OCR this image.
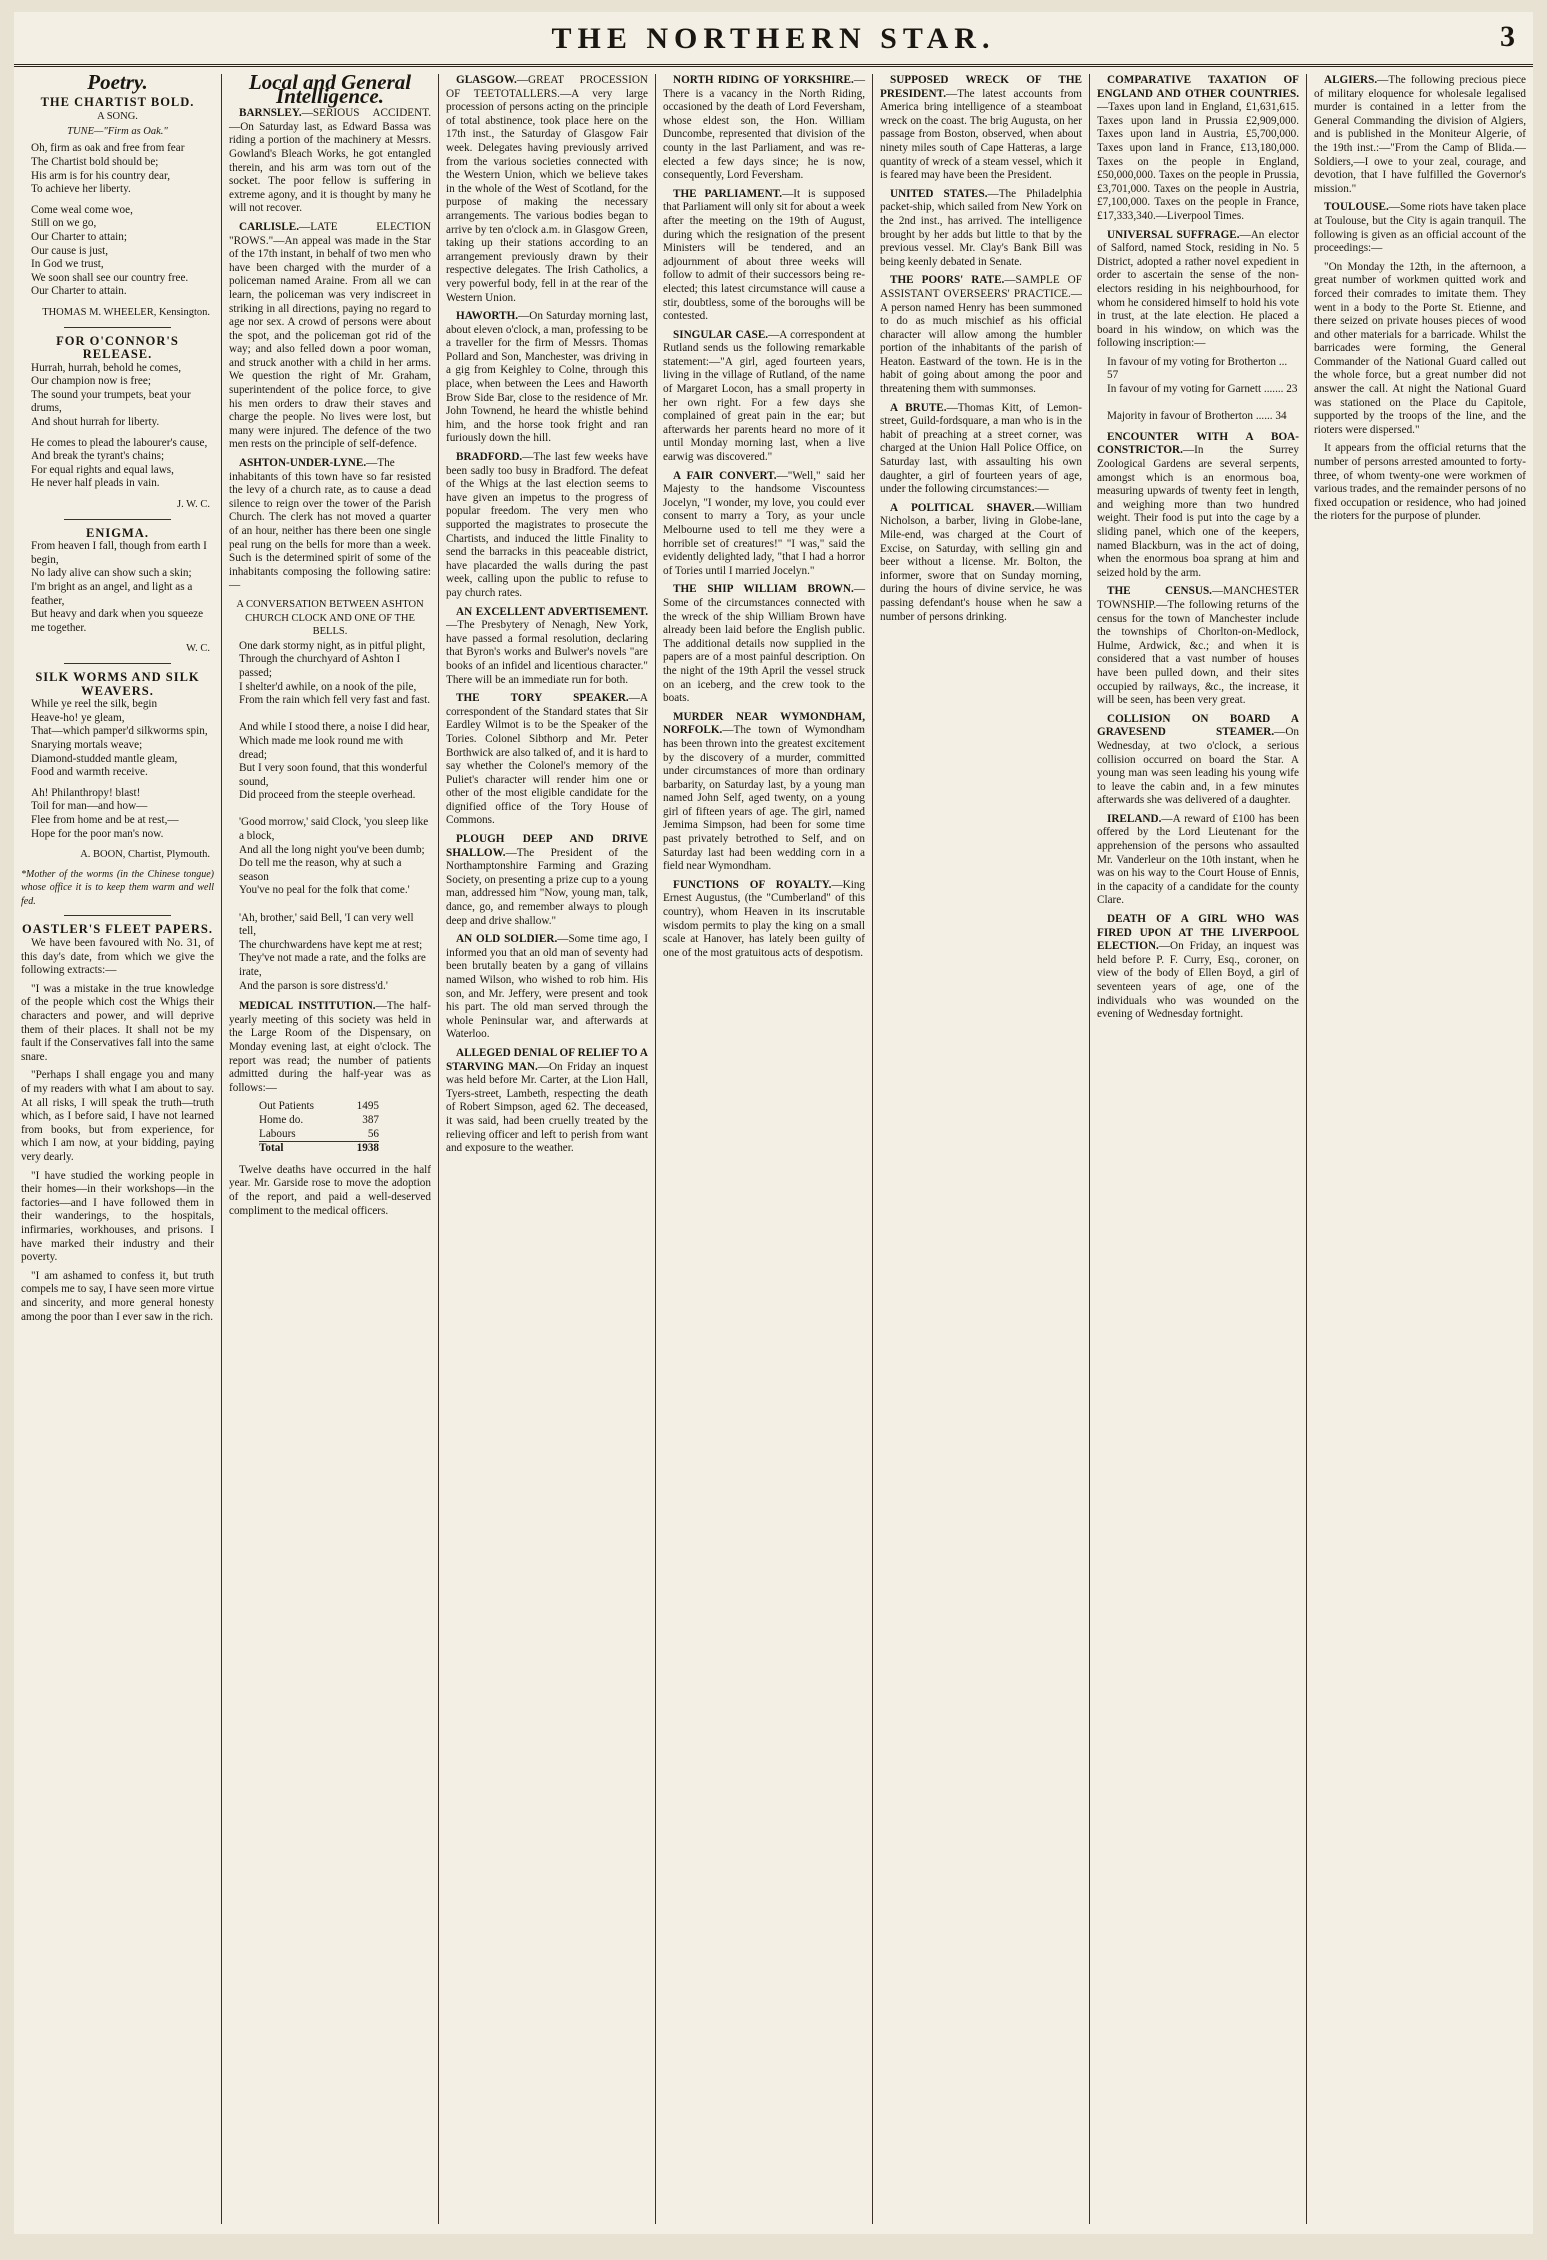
THE NORTHERN STAR.	3
Poetry.
THE CHARTIST BOLD.
A SONG.
TUNE—"Firm as Oak."
Oh, firm as oak and free from fear
The Chartist bold should be;
His arm is for his country dear,
To achieve her liberty.
Come weal come woe,
Still on we go,
Our Charter to attain;
Our cause is just,
In God we trust,
We soon shall see our country free.
Our Charter to attain.
THOMAS M. WHEELER, Kensington.
FOR O'CONNOR'S RELEASE.
Hurrah, hurrah, behold he comes,
Our champion now is free;
The sound your trumpets, beat your drums,
And shout hurrah for liberty.
He comes to plead the labourer's cause,
And break the tyrant's chains;
For equal rights and equal laws,
He never half pleads in vain.
J. W. C.
ENIGMA.
From heaven I fall, though from earth I begin,
No lady alive can show such a skin;
I'm bright as an angel, and light as a feather,
But heavy and dark when you squeeze me together.
W. C.
SILK WORMS AND SILK WEAVERS.
While ye reel the silk, begin
Heave-ho! ye gleam,
That—which pamper'd silkworms spin,
Snarying mortals weave;
Diamond-studded mantle gleam,
Food and warmth receive.
Ah! Philanthropy! blast!
Toil for man—and how—
Flee from home and be at rest,—
Hope for the poor man's now.
A. BOON, Chartist, Plymouth.
*Mother of the worms (in the Chinese tongue) whose office it is to keep them warm and well fed.
OASTLER'S FLEET PAPERS.
We have been favoured with No. 31, of this day's date, from which we give the following extracts:—
"I was a mistake in the true knowledge of the people which cost the Whigs their characters and power, and will deprive them of their places. It shall not be my fault if the Conservatives fall into the same snare.
"Perhaps I shall engage you and many of my readers with what I am about to say. At all risks, I will speak the truth—truth which, as I before said, I have not learned from books, but from experience, for which I am now, at your bidding, paying very dearly.
"I have studied the working people in their homes—in their workshops—in the factories—and I have followed them in their wanderings, to the hospitals, infirmaries, workhouses, and prisons. I have marked their industry and their poverty.
"I am ashamed to confess it, but truth compels me to say, I have seen more virtue and sincerity, and more general honesty among the poor than I ever saw in the rich.
Local and General Intelligence.
BARNSLEY.—SERIOUS ACCIDENT.—On Saturday last, as Edward Bassa was riding a portion of the machinery at Messrs. Gowland's Bleach Works, he got entangled therein, and his arm was torn out of the socket. The poor fellow is suffering in extreme agony, and it is thought by many he will not recover.
CARLISLE.—LATE ELECTION "ROWS."—An appeal was made in the Star of the 17th instant, in behalf of two men who have been charged with the murder of a policeman named Araine. From all we can learn, the policeman was very indiscreet in striking in all directions, paying no regard to age nor sex. A crowd of persons were about the spot, and the policeman got rid of the way; and also felled down a poor woman, and struck another with a child in her arms. We question the right of Mr. Graham, superintendent of the police force, to give his men orders to draw their staves and charge the people. No lives were lost, but many were injured. The defence of the two men rests on the principle of self-defence.
ASHTON-UNDER-LYNE.—The inhabitants of this town have so far resisted the levy of a church rate, as to cause a dead silence to reign over the tower of the Parish Church. The clerk has not moved a quarter of an hour, neither has there been one single peal rung on the bells for more than a week. Such is the determined spirit of some of the inhabitants composing the following satire:—
A CONVERSATION BETWEEN ASHTON CHURCH CLOCK AND ONE OF THE BELLS.
One dark stormy night, as in pitful plight,
Through the churchyard of Ashton I passed;
I shelter'd awhile, on a nook of the pile,
From the rain which fell very fast and fast.

And while I stood there, a noise I did hear,
Which made me look round me with dread;
But I very soon found, that this wonderful sound,
Did proceed from the steeple overhead.

'Good morrow,' said Clock, 'you sleep like a block,
And all the long night you've been dumb;
Do tell me the reason, why at such a season
You've no peal for the folk that come.'

'Ah, brother,' said Bell, 'I can very well tell,
The churchwardens have kept me at rest;
They've not made a rate, and the folks are irate,
And the parson is sore distress'd.'
MEDICAL INSTITUTION.—The half-yearly meeting of this society was held in the Large Room of the Dispensary, on Monday evening last, at eight o'clock. The report was read; the number of patients admitted during the half-year was as follows:—
Out Patients	1495
Home do.	387
Labours	56
Total	1938
Twelve deaths have occurred in the half year. Mr. Garside rose to move the adoption of the report, and paid a well-deserved compliment to the medical officers.
GLASGOW.—GREAT PROCESSION OF TEETOTALLERS.—A very large procession of persons acting on the principle of total abstinence, took place here on the 17th inst., the Saturday of Glasgow Fair week. Delegates having previously arrived from the various societies connected with the Western Union, which we believe takes in the whole of the West of Scotland, for the purpose of making the necessary arrangements. The various bodies began to arrive by ten o'clock a.m. in Glasgow Green, taking up their stations according to an arrangement previously drawn by their respective delegates. The Irish Catholics, a very powerful body, fell in at the rear of the Western Union.
HAWORTH.—On Saturday morning last, about eleven o'clock, a man, professing to be a traveller for the firm of Messrs. Thomas Pollard and Son, Manchester, was driving in a gig from Keighley to Colne, through this place, when between the Lees and Haworth Brow Side Bar, close to the residence of Mr. John Townend, he heard the whistle behind him, and the horse took fright and ran furiously down the hill.
BRADFORD.—The last few weeks have been sadly too busy in Bradford. The defeat of the Whigs at the last election seems to have given an impetus to the progress of popular freedom. The very men who supported the magistrates to prosecute the Chartists, and induced the little Finality to send the barracks in this peaceable district, have placarded the walls during the past week, calling upon the public to refuse to pay church rates.
AN EXCELLENT ADVERTISEMENT.—The Presbytery of Nenagh, New York, have passed a formal resolution, declaring that Byron's works and Bulwer's novels "are books of an infidel and licentious character." There will be an immediate run for both.
THE TORY SPEAKER.—A correspondent of the Standard states that Sir Eardley Wilmot is to be the Speaker of the Tories. Colonel Sibthorp and Mr. Peter Borthwick are also talked of, and it is hard to say whether the Colonel's memory of the Puliet's character will render him one or other of the most eligible candidate for the dignified office of the Tory House of Commons.
PLOUGH DEEP AND DRIVE SHALLOW.—The President of the Northamptonshire Farming and Grazing Society, on presenting a prize cup to a young man, addressed him "Now, young man, talk, dance, go, and remember always to plough deep and drive shallow."
AN OLD SOLDIER.—Some time ago, I informed you that an old man of seventy had been brutally beaten by a gang of villains named Wilson, who wished to rob him. His son, and Mr. Jeffery, were present and took his part. The old man served through the whole Peninsular war, and afterwards at Waterloo.
ALLEGED DENIAL OF RELIEF TO A STARVING MAN.—On Friday an inquest was held before Mr. Carter, at the Lion Hall, Tyers-street, Lambeth, respecting the death of Robert Simpson, aged 62. The deceased, it was said, had been cruelly treated by the relieving officer and left to perish from want and exposure to the weather.
NORTH RIDING OF YORKSHIRE.—There is a vacancy in the North Riding, occasioned by the death of Lord Feversham, whose eldest son, the Hon. William Duncombe, represented that division of the county in the last Parliament, and was re-elected a few days since; he is now, consequently, Lord Feversham.
THE PARLIAMENT.—It is supposed that Parliament will only sit for about a week after the meeting on the 19th of August, during which the resignation of the present Ministers will be tendered, and an adjournment of about three weeks will follow to admit of their successors being re-elected; this latest circumstance will cause a stir, doubtless, some of the boroughs will be contested.
SINGULAR CASE.—A correspondent at Rutland sends us the following remarkable statement:—"A girl, aged fourteen years, living in the village of Rutland, of the name of Margaret Locon, has a small property in her own right. For a few days she complained of great pain in the ear; but afterwards her parents heard no more of it until Monday morning last, when a live earwig was discovered."
A FAIR CONVERT.—"Well," said her Majesty to the handsome Viscountess Jocelyn, "I wonder, my love, you could ever consent to marry a Tory, as your uncle Melbourne used to tell me they were a horrible set of creatures!" "I was," said the evidently delighted lady, "that I had a horror of Tories until I married Jocelyn."
THE SHIP WILLIAM BROWN.—Some of the circumstances connected with the wreck of the ship William Brown have already been laid before the English public. The additional details now supplied in the papers are of a most painful description. On the night of the 19th April the vessel struck on an iceberg, and the crew took to the boats.
MURDER NEAR WYMONDHAM, NORFOLK.—The town of Wymondham has been thrown into the greatest excitement by the discovery of a murder, committed under circumstances of more than ordinary barbarity, on Saturday last, by a young man named John Self, aged twenty, on a young girl of fifteen years of age. The girl, named Jemima Simpson, had been for some time past privately betrothed to Self, and on Saturday last had been wedding corn in a field near Wymondham.
FUNCTIONS OF ROYALTY.—King Ernest Augustus, (the "Cumberland" of this country), whom Heaven in its inscrutable wisdom permits to play the king on a small scale at Hanover, has lately been guilty of one of the most gratuitous acts of despotism.
SUPPOSED WRECK OF THE PRESIDENT.—The latest accounts from America bring intelligence of a steamboat wreck on the coast. The brig Augusta, on her passage from Boston, observed, when about ninety miles south of Cape Hatteras, a large quantity of wreck of a steam vessel, which it is feared may have been the President.
UNITED STATES.—The Philadelphia packet-ship, which sailed from New York on the 2nd inst., has arrived. The intelligence brought by her adds but little to that by the previous vessel. Mr. Clay's Bank Bill was being keenly debated in Senate.
THE POORS' RATE.—SAMPLE OF ASSISTANT OVERSEERS' PRACTICE.—A person named Henry has been summoned to do as much mischief as his official character will allow among the humbler portion of the inhabitants of the parish of Heaton. Eastward of the town. He is in the habit of going about among the poor and threatening them with summonses.
A BRUTE.—Thomas Kitt, of Lemon-street, Guild-fordsquare, a man who is in the habit of preaching at a street corner, was charged at the Union Hall Police Office, on Saturday last, with assaulting his own daughter, a girl of fourteen years of age, under the following circumstances:—
A POLITICAL SHAVER.—William Nicholson, a barber, living in Globe-lane, Mile-end, was charged at the Court of Excise, on Saturday, with selling gin and beer without a license. Mr. Bolton, the informer, swore that on Sunday morning, during the hours of divine service, he was passing defendant's house when he saw a number of persons drinking.
COMPARATIVE TAXATION OF ENGLAND AND OTHER COUNTRIES.—Taxes upon land in England, £1,631,615. Taxes upon land in Prussia £2,909,000. Taxes upon land in Austria, £5,700,000. Taxes upon land in France, £13,180,000. Taxes on the people in England, £50,000,000. Taxes on the people in Prussia, £3,701,000. Taxes on the people in Austria, £7,100,000. Taxes on the people in France, £17,333,340.—Liverpool Times.
UNIVERSAL SUFFRAGE.—An elector of Salford, named Stock, residing in No. 5 District, adopted a rather novel expedient in order to ascertain the sense of the non-electors residing in his neighbourhood, for whom he considered himself to hold his vote in trust, at the late election. He placed a board in his window, on which was the following inscription:—
In favour of my voting for Brotherton ... 57
In favour of my voting for Garnett ....... 23

Majority in favour of Brotherton ...... 34
ENCOUNTER WITH A BOA-CONSTRICTOR.—In the Surrey Zoological Gardens are several serpents, amongst which is an enormous boa, measuring upwards of twenty feet in length, and weighing more than two hundred weight. Their food is put into the cage by a sliding panel, which one of the keepers, named Blackburn, was in the act of doing, when the enormous boa sprang at him and seized hold by the arm.
THE CENSUS.—MANCHESTER TOWNSHIP.—The following returns of the census for the town of Manchester include the townships of Chorlton-on-Medlock, Hulme, Ardwick, &c.; and when it is considered that a vast number of houses have been pulled down, and their sites occupied by railways, &c., the increase, it will be seen, has been very great.
COLLISION ON BOARD A GRAVESEND STEAMER.—On Wednesday, at two o'clock, a serious collision occurred on board the Star. A young man was seen leading his young wife to leave the cabin and, in a few minutes afterwards she was delivered of a daughter.
IRELAND.—A reward of £100 has been offered by the Lord Lieutenant for the apprehension of the persons who assaulted Mr. Vanderleur on the 10th instant, when he was on his way to the Court House of Ennis, in the capacity of a candidate for the county Clare.
DEATH OF A GIRL WHO WAS FIRED UPON AT THE LIVERPOOL ELECTION.—On Friday, an inquest was held before P. F. Curry, Esq., coroner, on view of the body of Ellen Boyd, a girl of seventeen years of age, one of the individuals who was wounded on the evening of Wednesday fortnight.
ALGIERS.—The following precious piece of military eloquence for wholesale legalised murder is contained in a letter from the General Commanding the division of Algiers, and is published in the Moniteur Algerie, of the 19th inst.:—"From the Camp of Blida.—Soldiers,—I owe to your zeal, courage, and devotion, that I have fulfilled the Governor's mission."
TOULOUSE.—Some riots have taken place at Toulouse, but the City is again tranquil. The following is given as an official account of the proceedings:—
"On Monday the 12th, in the afternoon, a great number of workmen quitted work and forced their comrades to imitate them. They went in a body to the Porte St. Etienne, and there seized on private houses pieces of wood and other materials for a barricade. Whilst the barricades were forming, the General Commander of the National Guard called out the whole force, but a great number did not answer the call. At night the National Guard was stationed on the Place du Capitole, supported by the troops of the line, and the rioters were dispersed."
It appears from the official returns that the number of persons arrested amounted to forty-three, of whom twenty-one were workmen of various trades, and the remainder persons of no fixed occupation or residence, who had joined the rioters for the purpose of plunder.
